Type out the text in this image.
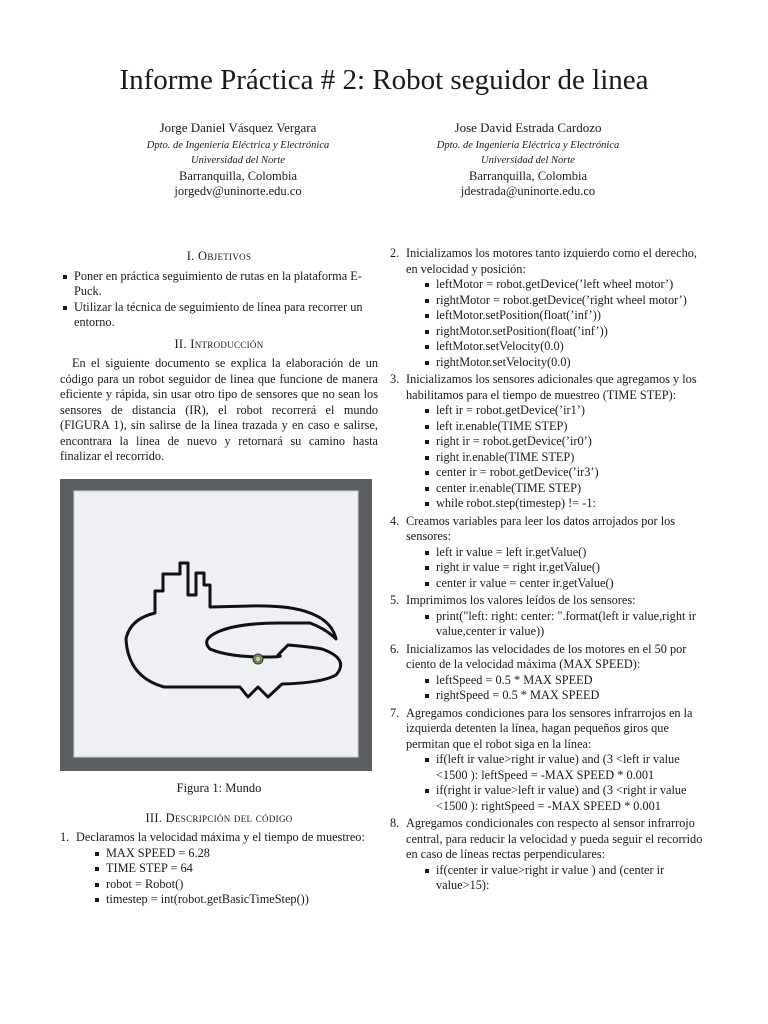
Informe Práctica # 2: Robot seguidor de linea
Jorge Daniel Vásquez Vergara
Dpto. de Ingeniería Eléctrica y Electrónica
Universidad del Norte
Barranquilla, Colombia
jorgedv@uninorte.edu.co
Jose David Estrada Cardozo
Dpto. de Ingeniería Eléctrica y Electrónica
Universidad del Norte
Barranquilla, Colombia
jdestrada@uninorte.edu.co
I. Objetivos
Poner en práctica seguimiento de rutas en la plataforma E-Puck.
Utilizar la técnica de seguimiento de línea para recorrer un entorno.
II. Introducción

En el siguiente documento se explica la elaboración de un código para un robot seguidor de linea que funcione de manera eficiente y rápida, sin usar otro tipo de sensores que no sean los sensores de distancia (IR), el robot recorrerá el mundo (FIGURA 1), sin salirse de la linea trazada y en caso e salirse, encontrara la linea de nuevo y retornará su camino hasta finalizar el recorrido.

Figura 1: Mundo
III. Descripción del código
1. Declaramos la velocidad máxima y el tiempo de muestreo:
MAX SPEED = 6.28
TIME STEP = 64
robot = Robot()
timestep = int(robot.getBasicTimeStep())
2. Inicializamos los motores tanto izquierdo como el derecho, en velocidad y posición:
leftMotor = robot.getDevice(’left wheel motor’)
rightMotor = robot.getDevice(’right wheel motor’)
leftMotor.setPosition(float(’inf’))
rightMotor.setPosition(float(’inf’))
leftMotor.setVelocity(0.0)
rightMotor.setVelocity(0.0)
3. Inicializamos los sensores adicionales que agregamos y los habilitamos para el tiempo de muestreo (TIME STEP):
left ir = robot.getDevice(’ir1’)
left ir.enable(TIME STEP)
right ir = robot.getDevice(’ir0’)
right ir.enable(TIME STEP)
center ir = robot.getDevice(’ir3’)
center ir.enable(TIME STEP)
while robot.step(timestep) != -1:
4. Creamos variables para leer los datos arrojados por los sensores:
left ir value = left ir.getValue()
right ir value = right ir.getValue()
center ir value = center ir.getValue()
5. Imprimimos los valores leídos de los sensores:
print("left: right: center: ".format(left ir value,right ir value,center ir value))
6. Inicializamos las velocidades de los motores en el 50 por ciento de la velocidad máxima (MAX SPEED):
leftSpeed = 0.5 * MAX SPEED
rightSpeed = 0.5 * MAX SPEED
7. Agregamos condiciones para los sensores infrarrojos en la izquierda detenten la línea, hagan pequeños giros que permitan que el robot siga en la línea:
if(left ir value>right ir value) and (3 <left ir value <1500 ): leftSpeed = -MAX SPEED * 0.001
if(right ir value>left ir value) and (3 <right ir value <1500 ): rightSpeed = -MAX SPEED * 0.001
8. Agregamos condicionales con respecto al sensor infrarrojo central, para reducir la velocidad y pueda seguir el recorrido en caso de líneas rectas perpendiculares:
if(center ir value>right ir value ) and (center ir value>15):
